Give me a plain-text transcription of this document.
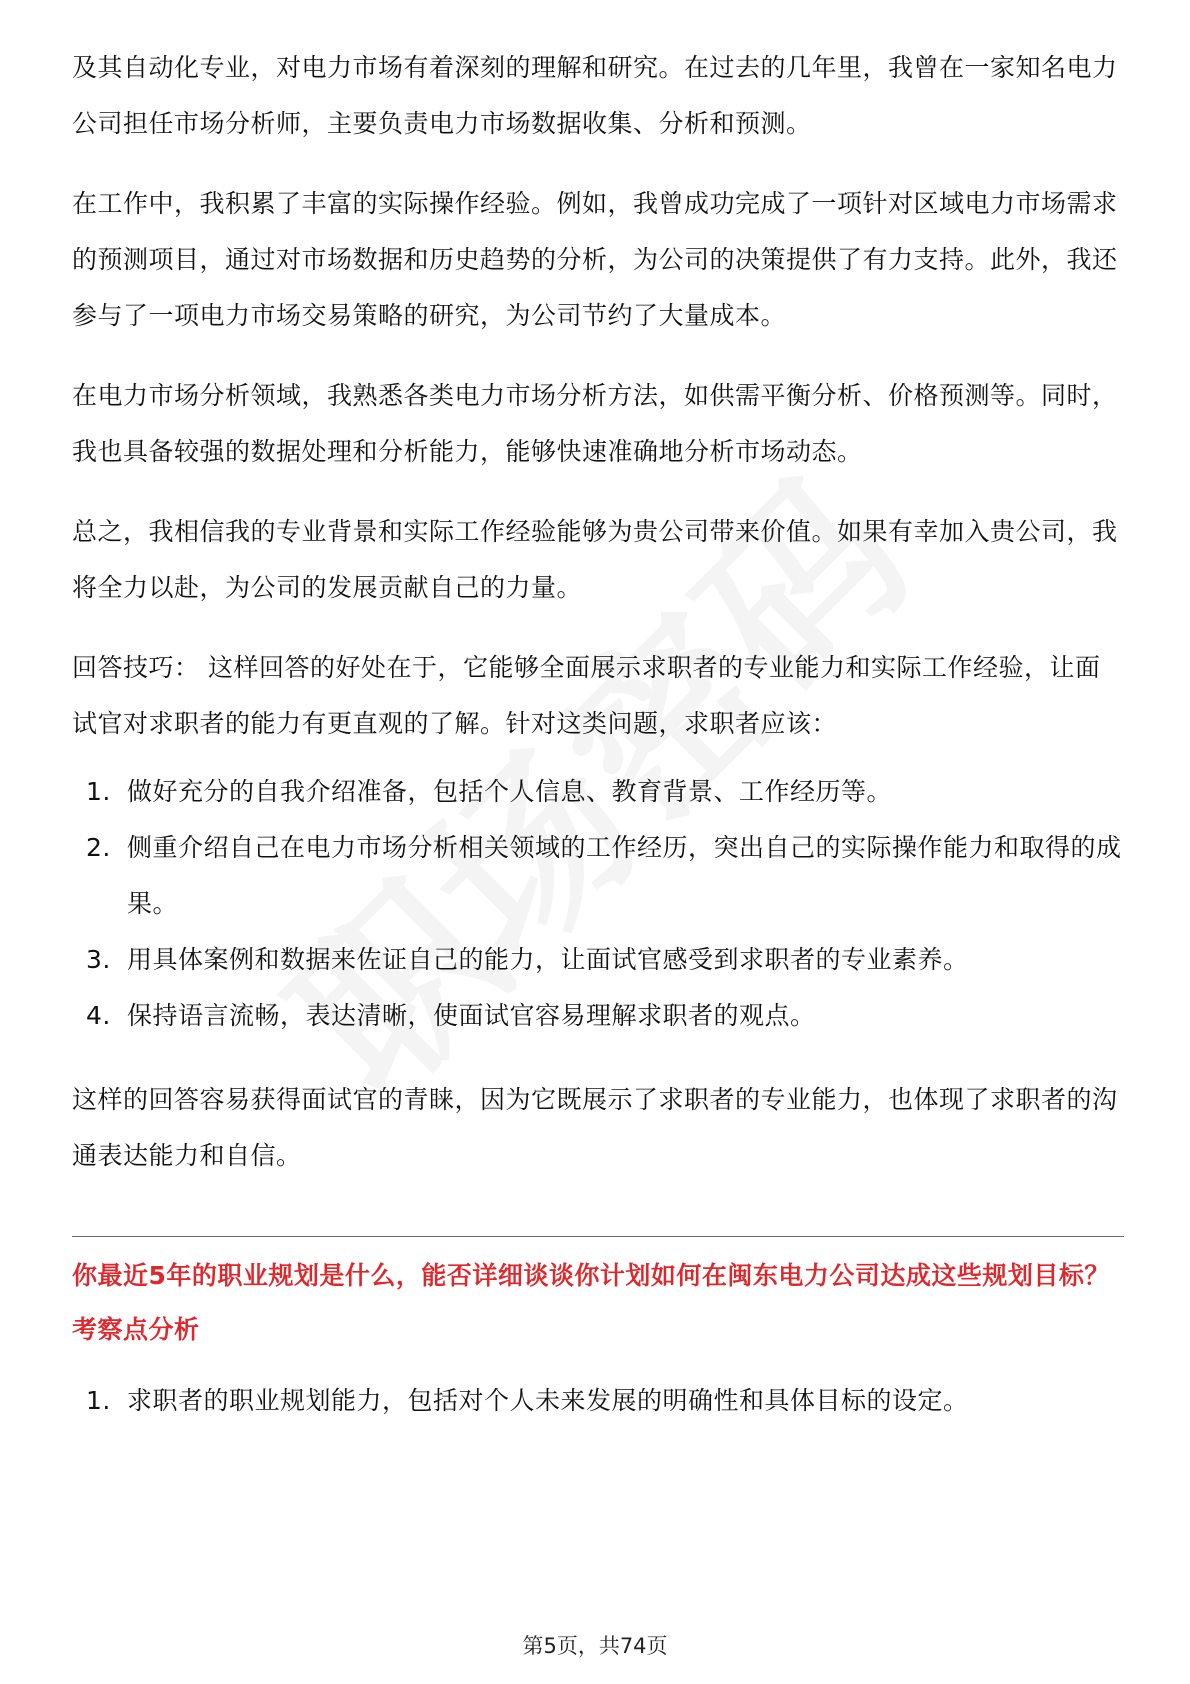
及其自动化专业，对电力市场有着深刻的理解和研究。在过去的几年里，我曾在一家知名电力公司担任市场分析师，主要负责电力市场数据收集、分析和预测。

在工作中，我积累了丰富的实际操作经验。例如，我曾成功完成了一项针对区域电力市场需求的预测项目，通过对市场数据和历史趋势的分析，为公司的决策提供了有力支持。此外，我还参与了一项电力市场交易策略的研究，为公司节约了大量成本。

在电力市场分析领域，我熟悉各类电力市场分析方法，如供需平衡分析、价格预测等。同时，我也具备较强的数据处理和分析能力，能够快速准确地分析市场动态。

总之，我相信我的专业背景和实际工作经验能够为贵公司带来价值。如果有幸加入贵公司，我将全力以赴，为公司的发展贡献自己的力量。

回答技巧： 这样回答的好处在于，它能够全面展示求职者的专业能力和实际工作经验，让面试官对求职者的能力有更直观的了解。针对这类问题，求职者应该：

1. 做好充分的自我介绍准备，包括个人信息、教育背景、工作经历等。
2. 侧重介绍自己在电力市场分析相关领域的工作经历，突出自己的实际操作能力和取得的成果。
3. 用具体案例和数据来佐证自己的能力，让面试官感受到求职者的专业素养。
4. 保持语言流畅，表达清晰，使面试官容易理解求职者的观点。

这样的回答容易获得面试官的青睐，因为它既展示了求职者的专业能力，也体现了求职者的沟通表达能力和自信。

你最近5年的职业规划是什么，能否详细谈谈你计划如何在闽东电力公司达成这些规划目标？
考察点分析
1. 求职者的职业规划能力，包括对个人未来发展的明确性和具体目标的设定。
第5页，共74页
